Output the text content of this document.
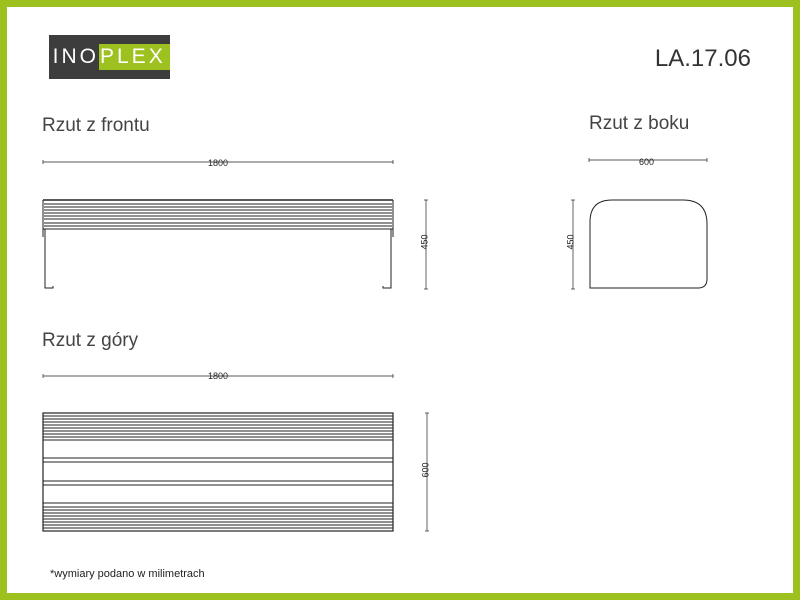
INO PLEX	LA.17.06
Rzut z frontu	Rzut z boku
Rzut z góry
1800	600
1800
450	450
600
*wymiary podano w milimetrach
